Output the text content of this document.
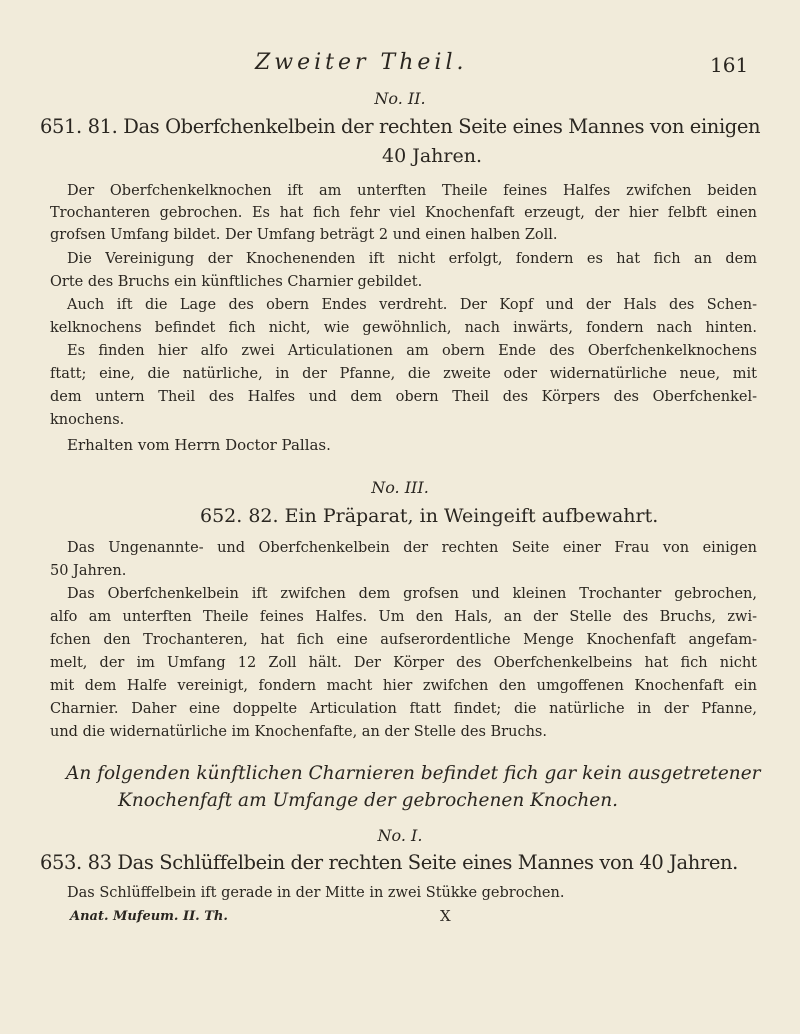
Zweiter Theil.	161
No. II.
651. 81. Das Oberfchenkelbein der rechten Seite eines Mannes von einigen
40 Jahren.
Der Oberfchenkelknochen ift am unterften Theile feines Halfes zwifchen beiden
Trochanteren gebrochen. Es hat fich fehr viel Knochenfaft erzeugt, der hier felbft einen
grofsen Umfang bildet. Der Umfang beträgt 2 und einen halben Zoll.
Die Vereinigung der Knochenenden ift nicht erfolgt, fondern es hat fich an dem
Orte des Bruchs ein künftliches Charnier gebildet.
Auch ift die Lage des obern Endes verdreht. Der Kopf und der Hals des Schen-
kelknochens befindet fich nicht, wie gewöhnlich, nach inwärts, fondern nach hinten.
Es finden hier alfo zwei Articulationen am obern Ende des Oberfchenkelknochens
ftatt; eine, die natürliche, in der Pfanne, die zweite oder widernatürliche neue, mit
dem untern Theil des Halfes und dem obern Theil des Körpers des Oberfchenkel-
knochens.
Erhalten vom Herrn Doctor Pallas.
No. III.
652. 82. Ein Präparat, in Weingeift aufbewahrt.
Das Ungenannte- und Oberfchenkelbein der rechten Seite einer Frau von einigen
50 Jahren.
Das Oberfchenkelbein ift zwifchen dem grofsen und kleinen Trochanter gebrochen,
alfo am unterften Theile feines Halfes. Um den Hals, an der Stelle des Bruchs, zwi-
fchen den Trochanteren, hat fich eine aufserordentliche Menge Knochenfaft angefam-
melt, der im Umfang 12 Zoll hält. Der Körper des Oberfchenkelbeins hat fich nicht
mit dem Halfe vereinigt, fondern macht hier zwifchen den umgoffenen Knochenfaft ein
Charnier. Daher eine doppelte Articulation ftatt findet; die natürliche in der Pfanne,
und die widernatürliche im Knochenfafte, an der Stelle des Bruchs.
An folgenden künftlichen Charnieren befindet fich gar kein ausgetretener
Knochenfaft am Umfange der gebrochenen Knochen.
No. I.
653. 83 Das Schlüffelbein der rechten Seite eines Mannes von 40 Jahren.
Das Schlüffelbein ift gerade in der Mitte in zwei Stükke gebrochen.
Anat. Mufeum. II. Th.	X
